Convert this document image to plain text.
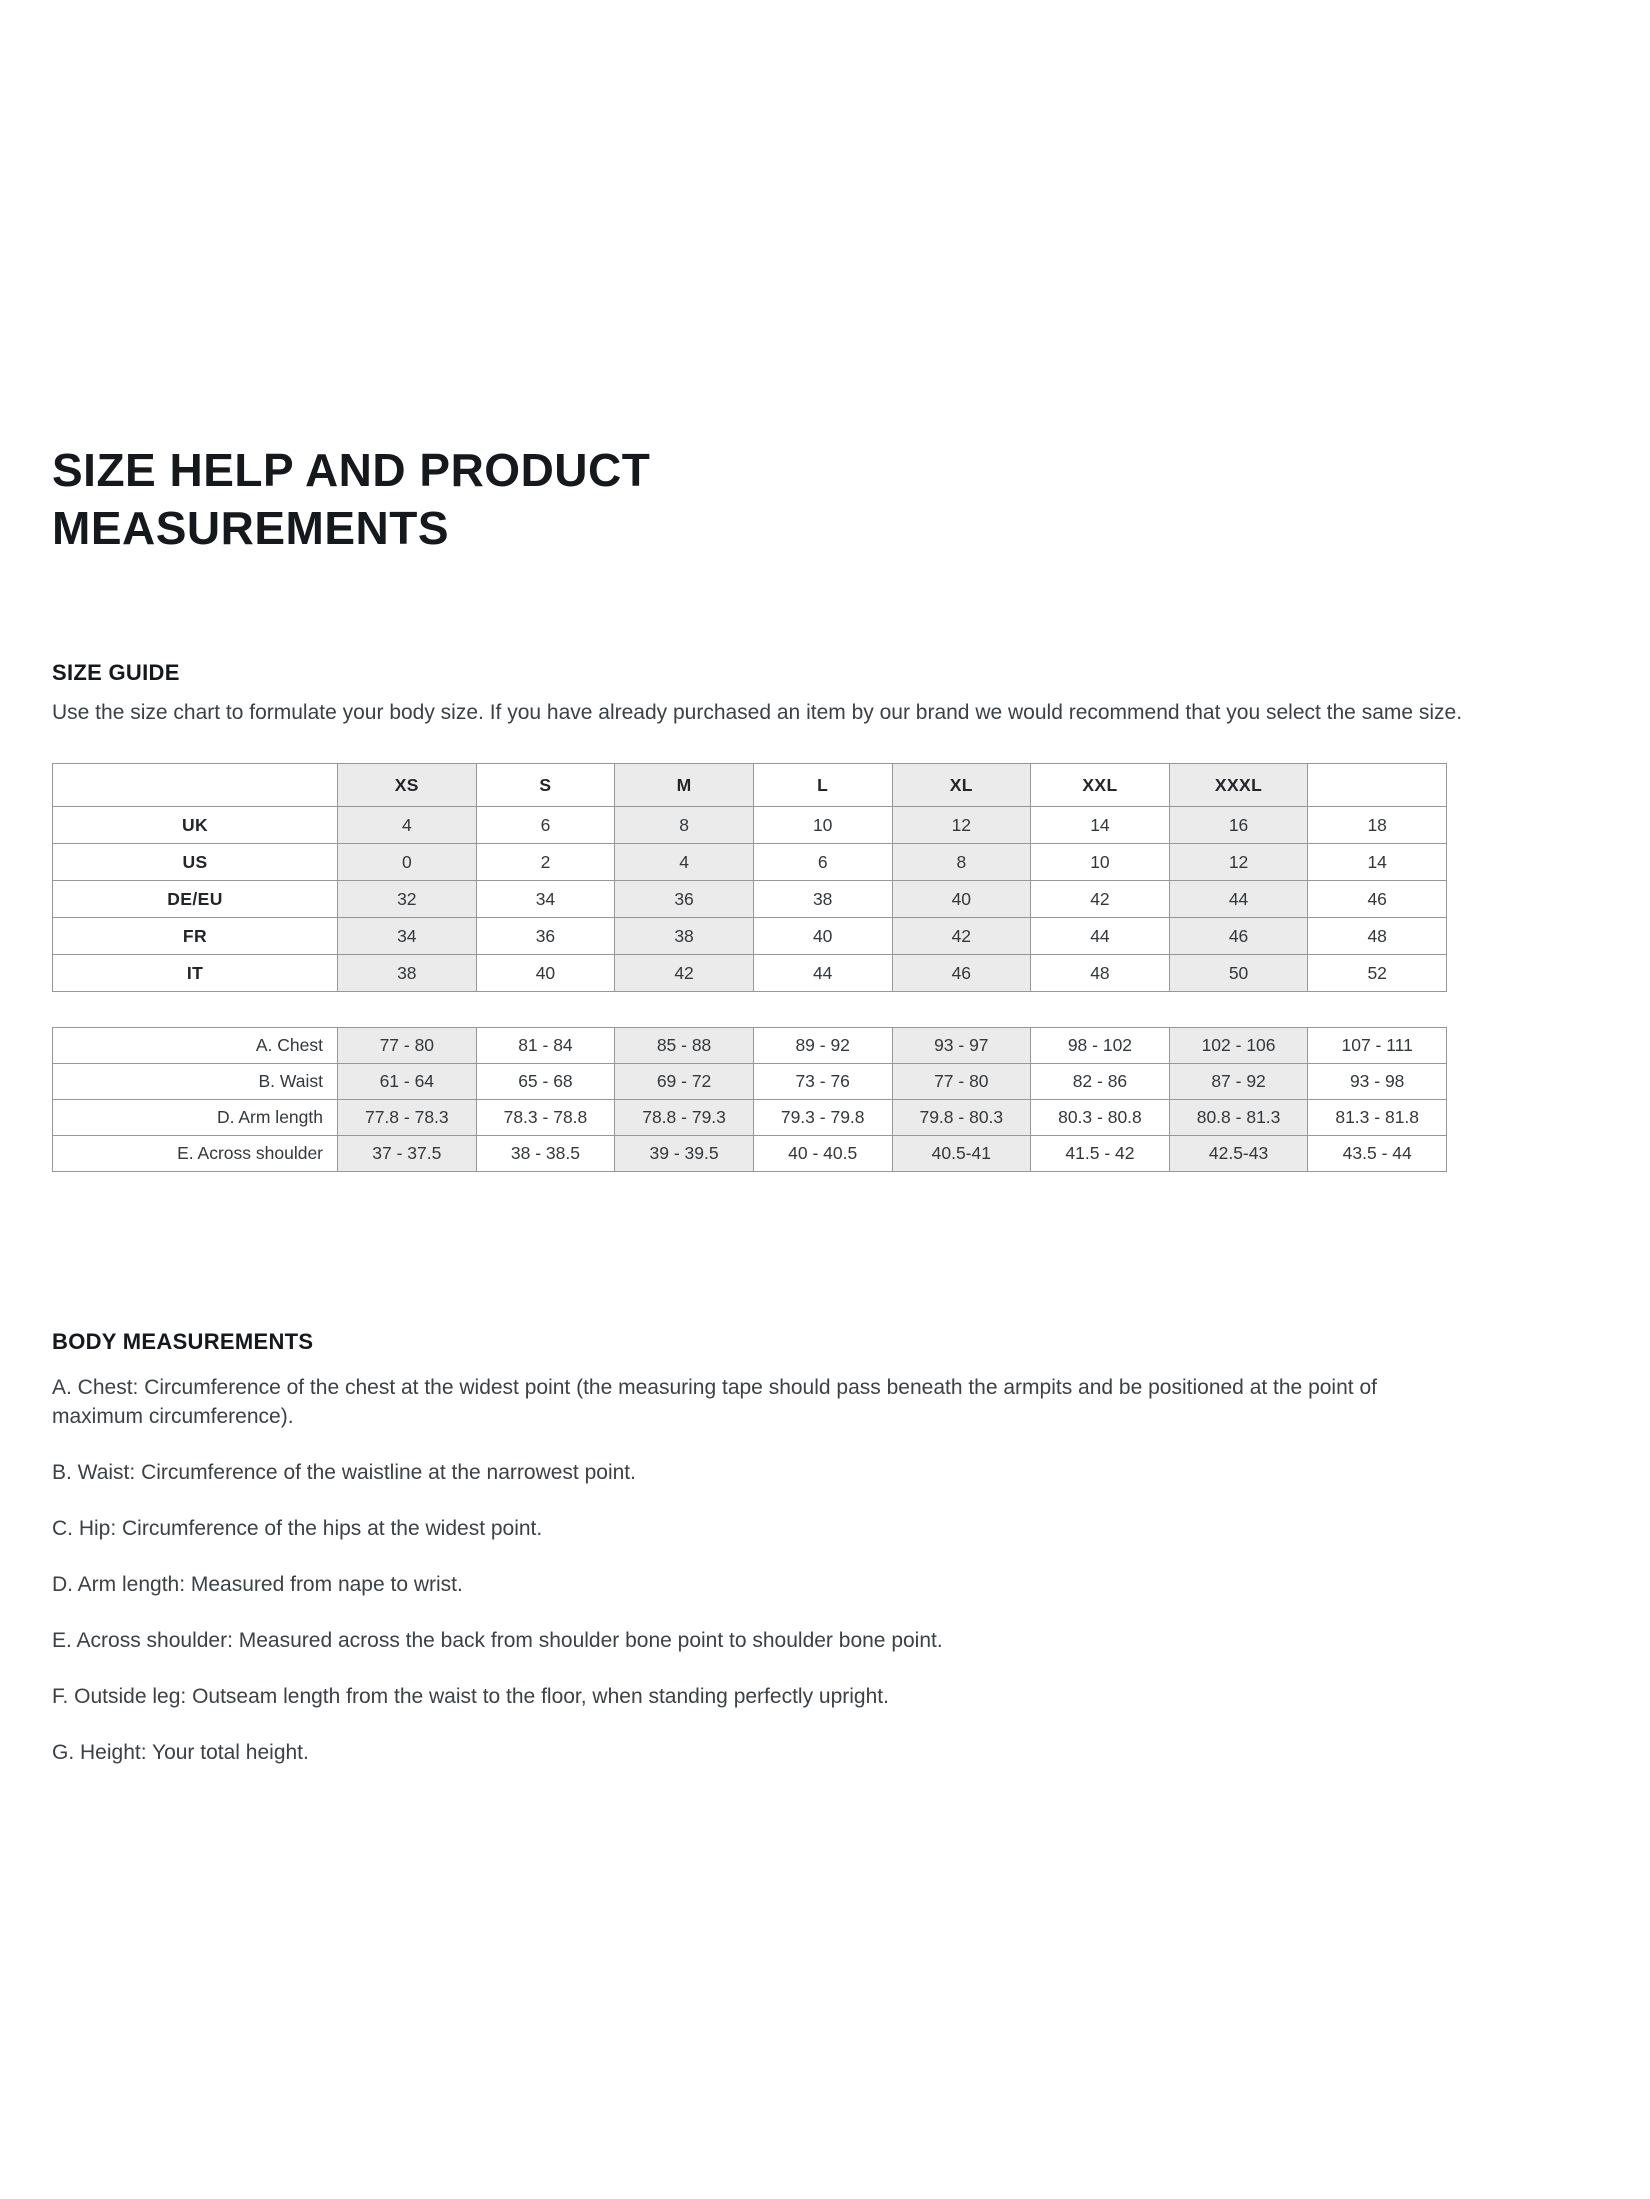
SIZE HELP AND PRODUCT MEASUREMENTS
SIZE GUIDE

Use the size chart to formulate your body size. If you have already purchased an item by our brand we would recommend that you select the same size.

	XS	S	M	L	XL	XXL	XXXL	
UK	4	6	8	10	12	14	16	18
US	0	2	4	6	8	10	12	14
DE/EU	32	34	36	38	40	42	44	46
FR	34	36	38	40	42	44	46	48
IT	38	40	42	44	46	48	50	52
A. Chest	77 - 80	81 - 84	85 - 88	89 - 92	93 - 97	98 - 102	102 - 106	107 - 111
B. Waist	61 - 64	65 - 68	69 - 72	73 - 76	77 - 80	82 - 86	87 - 92	93 - 98
D. Arm length	77.8 - 78.3	78.3 - 78.8	78.8 - 79.3	79.3 - 79.8	79.8 - 80.3	80.3 - 80.8	80.8 - 81.3	81.3 - 81.8
E. Across shoulder	37 - 37.5	38 - 38.5	39 - 39.5	40 - 40.5	40.5-41	41.5 - 42	42.5-43	43.5 - 44
BODY MEASUREMENTS

A. Chest: Circumference of the chest at the widest point (the measuring tape should pass beneath the armpits and be positioned at the point of maximum circumference).

B. Waist: Circumference of the waistline at the narrowest point.

C. Hip: Circumference of the hips at the widest point.

D. Arm length: Measured from nape to wrist.

E. Across shoulder: Measured across the back from shoulder bone point to shoulder bone point.

F. Outside leg: Outseam length from the waist to the floor, when standing perfectly upright.

G. Height: Your total height.
